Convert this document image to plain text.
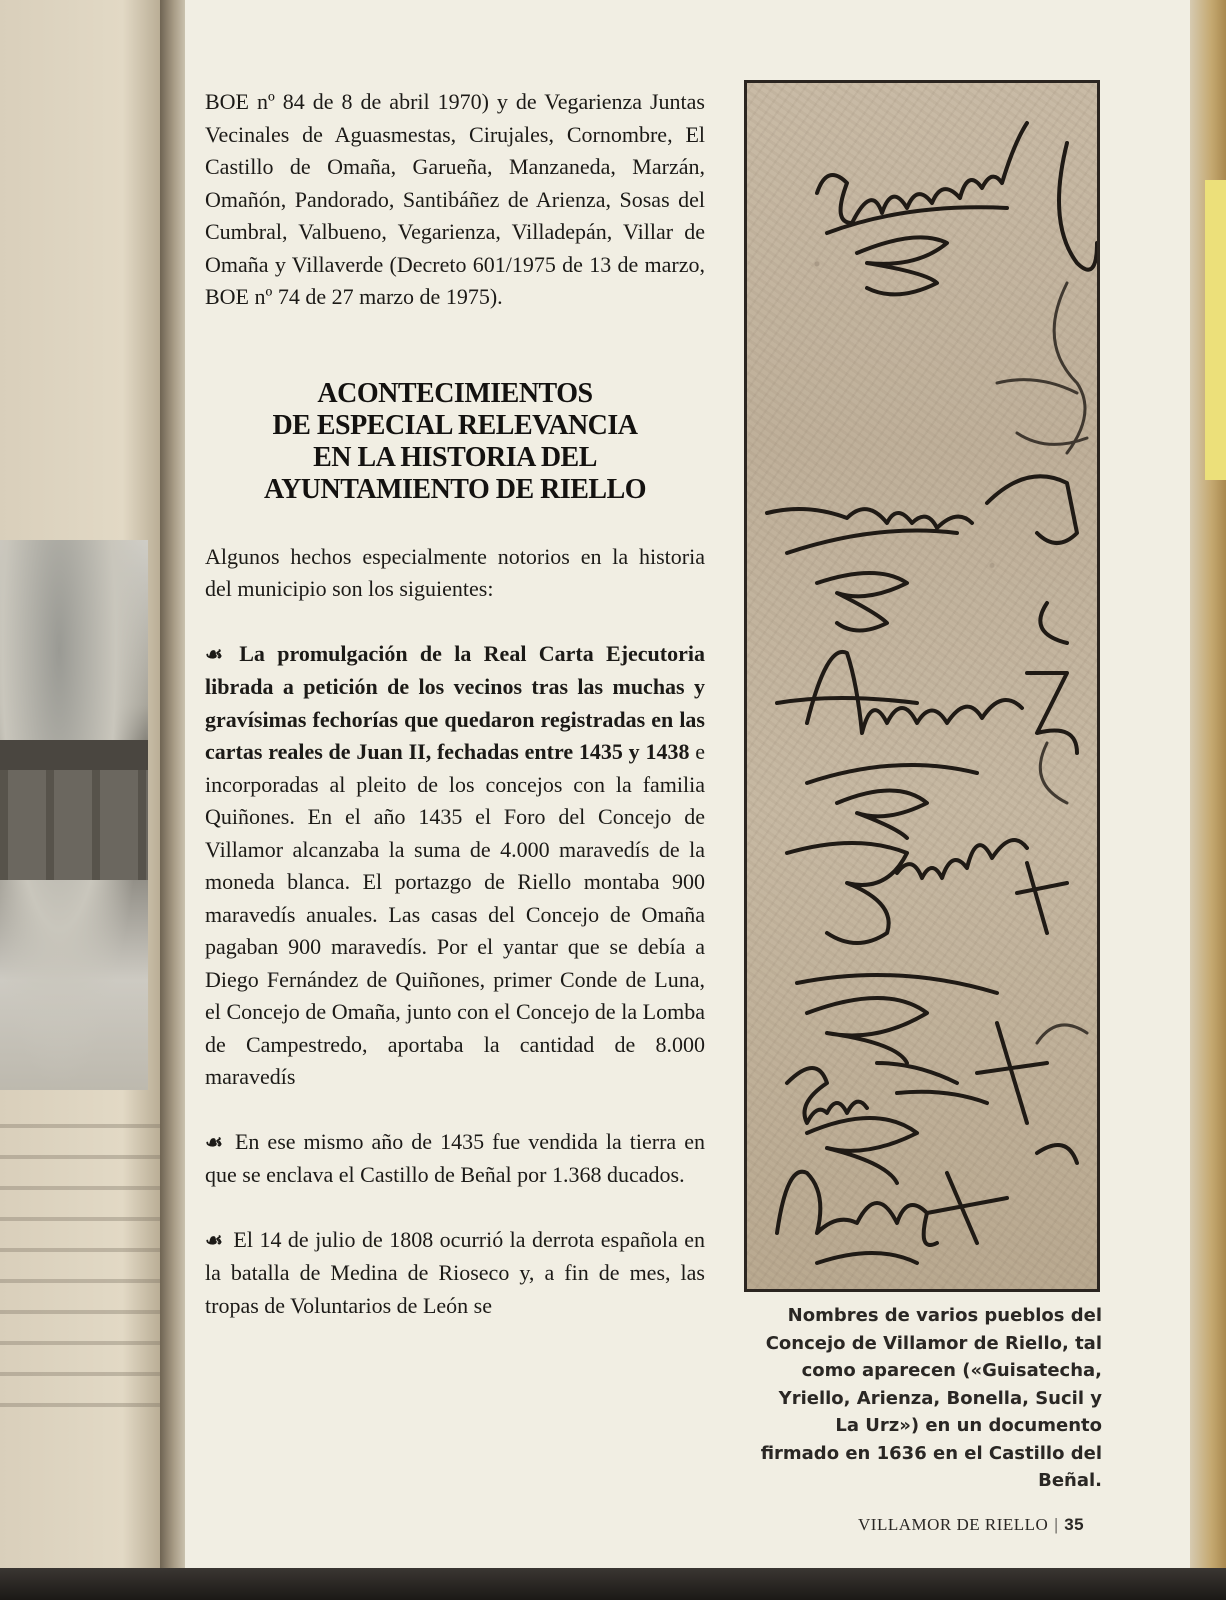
BOE nº 84 de 8 de abril 1970) y de Vegarienza Juntas Vecinales de Aguasmestas, Cirujales, Cornombre, El Castillo de Omaña, Garueña, Manzaneda, Marzán, Omañón, Pandorado, Santibáñez de Arienza, Sosas del Cumbral, Valbueno, Vegarienza, Villadepán, Villar de Omaña y Villaverde (Decreto 601/1975 de 13 de marzo, BOE nº 74 de 27 marzo de 1975).

ACONTECIMIENTOS
DE ESPECIAL RELEVANCIA
EN LA HISTORIA DEL
AYUNTAMIENTO DE RIELLO

Algunos hechos especialmente notorios en la historia del municipio son los siguientes:

☙ La promulgación de la Real Carta Ejecutoria librada a petición de los vecinos tras las muchas y gravísimas fechorías que quedaron registradas en las cartas reales de Juan II, fechadas entre 1435 y 1438 e incorporadas al pleito de los concejos con la familia Quiñones. En el año 1435 el Foro del Concejo de Villamor alcanzaba la suma de 4.000 maravedís de la moneda blanca. El portazgo de Riello montaba 900 maravedís anuales. Las casas del Concejo de Omaña pagaban 900 maravedís. Por el yantar que se debía a Diego Fernández de Quiñones, primer Conde de Luna, el Concejo de Omaña, junto con el Concejo de la Lomba de Campestredo, aportaba la cantidad de 8.000 maravedís

☙ En ese mismo año de 1435 fue vendida la tierra en que se enclava el Castillo de Beñal por 1.368 ducados.

☙ El 14 de julio de 1808 ocurrió la derrota española en la batalla de Medina de Rioseco y, a fin de mes, las tropas de Voluntarios de León se	Nombres de varios pueblos del Concejo de Villamor de Riello, tal como aparecen («Guisatecha, Yriello, Arienza, Bonella, Sucil y La Urz») en un documento firmado en 1636 en el Castillo del Beñal.
VILLAMOR DE RIELLO | 35
